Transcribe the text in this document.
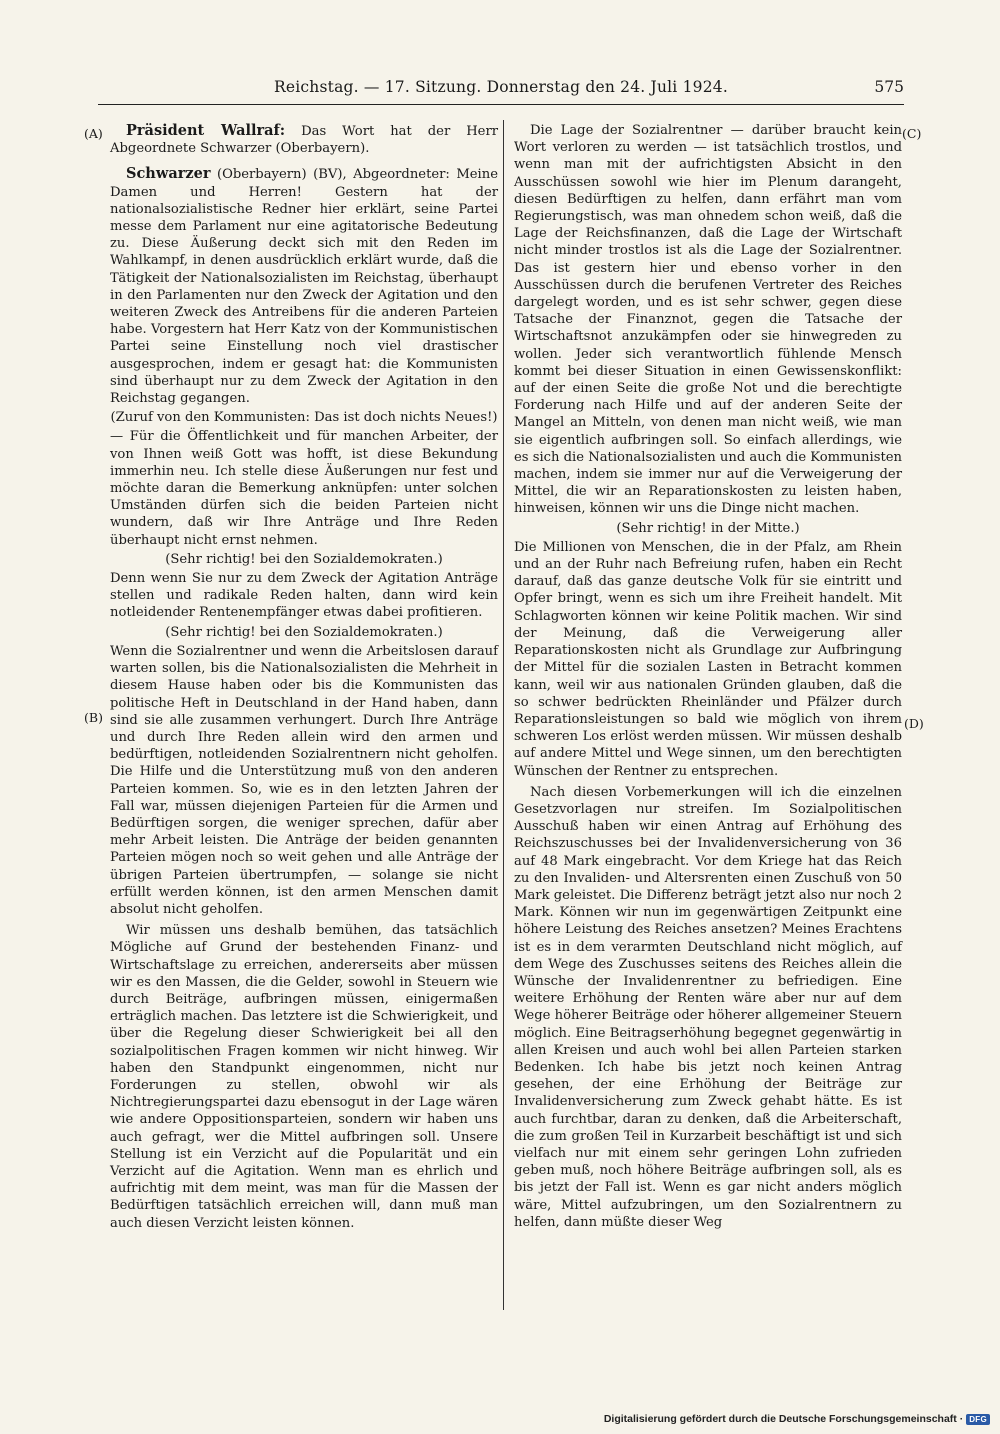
Reichstag. — 17. Sitzung. Donnerstag den 24. Juli 1924.	575
(A)
(B)
(C)
(D)

Präsident Wallraf: Das Wort hat der Herr Abgeordnete Schwarzer (Oberbayern).

Schwarzer (Oberbayern) (BV), Abgeordneter: Meine Damen und Herren! Gestern hat der nationalsozialistische Redner hier erklärt, seine Partei messe dem Parlament nur eine agitatorische Bedeutung zu. Diese Äußerung deckt sich mit den Reden im Wahlkampf, in denen ausdrücklich erklärt wurde, daß die Tätigkeit der Nationalsozialisten im Reichstag, überhaupt in den Parlamenten nur den Zweck der Agitation und den weiteren Zweck des Antreibens für die anderen Parteien habe. Vorgestern hat Herr Katz von der Kommunistischen Partei seine Einstellung noch viel drastischer ausgesprochen, indem er gesagt hat: die Kommunisten sind überhaupt nur zu dem Zweck der Agitation in den Reichstag gegangen.

(Zuruf von den Kommunisten: Das ist doch nichts Neues!)

— Für die Öffentlichkeit und für manchen Arbeiter, der von Ihnen weiß Gott was hofft, ist diese Bekundung immerhin neu. Ich stelle diese Äußerungen nur fest und möchte daran die Bemerkung anknüpfen: unter solchen Umständen dürfen sich die beiden Parteien nicht wundern, daß wir Ihre Anträge und Ihre Reden überhaupt nicht ernst nehmen.

(Sehr richtig! bei den Sozialdemokraten.)

Denn wenn Sie nur zu dem Zweck der Agitation Anträge stellen und radikale Reden halten, dann wird kein notleidender Rentenempfänger etwas dabei profitieren.

(Sehr richtig! bei den Sozialdemokraten.)

Wenn die Sozialrentner und wenn die Arbeitslosen darauf warten sollen, bis die Nationalsozialisten die Mehrheit in diesem Hause haben oder bis die Kommunisten das politische Heft in Deutschland in der Hand haben, dann sind sie alle zusammen verhungert. Durch Ihre Anträge und durch Ihre Reden allein wird den armen und bedürftigen, notleidenden Sozialrentnern nicht geholfen. Die Hilfe und die Unterstützung muß von den anderen Parteien kommen. So, wie es in den letzten Jahren der Fall war, müssen diejenigen Parteien für die Armen und Bedürftigen sorgen, die weniger sprechen, dafür aber mehr Arbeit leisten. Die Anträge der beiden genannten Parteien mögen noch so weit gehen und alle Anträge der übrigen Parteien übertrumpfen, — solange sie nicht erfüllt werden können, ist den armen Menschen damit absolut nicht geholfen.

Wir müssen uns deshalb bemühen, das tatsächlich Mögliche auf Grund der bestehenden Finanz- und Wirtschaftslage zu erreichen, andererseits aber müssen wir es den Massen, die die Gelder, sowohl in Steuern wie durch Beiträge, aufbringen müssen, einigermaßen erträglich machen. Das letztere ist die Schwierigkeit, und über die Regelung dieser Schwierigkeit bei all den sozialpolitischen Fragen kommen wir nicht hinweg. Wir haben den Standpunkt eingenommen, nicht nur Forderungen zu stellen, obwohl wir als Nichtregierungspartei dazu ebensogut in der Lage wären wie andere Oppositionsparteien, sondern wir haben uns auch gefragt, wer die Mittel aufbringen soll. Unsere Stellung ist ein Verzicht auf die Popularität und ein Verzicht auf die Agitation. Wenn man es ehrlich und aufrichtig mit dem meint, was man für die Massen der Bedürftigen tatsächlich erreichen will, dann muß man auch diesen Verzicht leisten können.

Die Lage der Sozialrentner — darüber braucht kein Wort verloren zu werden — ist tatsächlich trostlos, und wenn man mit der aufrichtigsten Absicht in den Ausschüssen sowohl wie hier im Plenum darangeht, diesen Bedürftigen zu helfen, dann erfährt man vom Regierungstisch, was man ohnedem schon weiß, daß die Lage der Reichsfinanzen, daß die Lage der Wirtschaft nicht minder trostlos ist als die Lage der Sozialrentner. Das ist gestern hier und ebenso vorher in den Ausschüssen durch die berufenen Vertreter des Reiches dargelegt worden, und es ist sehr schwer, gegen diese Tatsache der Finanznot, gegen die Tatsache der Wirtschaftsnot anzukämpfen oder sie hinwegreden zu wollen. Jeder sich verantwortlich fühlende Mensch kommt bei dieser Situation in einen Gewissenskonflikt: auf der einen Seite die große Not und die berechtigte Forderung nach Hilfe und auf der anderen Seite der Mangel an Mitteln, von denen man nicht weiß, wie man sie eigentlich aufbringen soll. So einfach allerdings, wie es sich die Nationalsozialisten und auch die Kommunisten machen, indem sie immer nur auf die Verweigerung der Mittel, die wir an Reparationskosten zu leisten haben, hinweisen, können wir uns die Dinge nicht machen.

(Sehr richtig! in der Mitte.)

Die Millionen von Menschen, die in der Pfalz, am Rhein und an der Ruhr nach Befreiung rufen, haben ein Recht darauf, daß das ganze deutsche Volk für sie eintritt und Opfer bringt, wenn es sich um ihre Freiheit handelt. Mit Schlagworten können wir keine Politik machen. Wir sind der Meinung, daß die Verweigerung aller Reparationskosten nicht als Grundlage zur Aufbringung der Mittel für die sozialen Lasten in Betracht kommen kann, weil wir aus nationalen Gründen glauben, daß die so schwer bedrückten Rheinländer und Pfälzer durch Reparationsleistungen so bald wie möglich von ihrem schweren Los erlöst werden müssen. Wir müssen deshalb auf andere Mittel und Wege sinnen, um den berechtigten Wünschen der Rentner zu entsprechen.

Nach diesen Vorbemerkungen will ich die einzelnen Gesetzvorlagen nur streifen. Im Sozialpolitischen Ausschuß haben wir einen Antrag auf Erhöhung des Reichszuschusses bei der Invalidenversicherung von 36 auf 48 Mark eingebracht. Vor dem Kriege hat das Reich zu den Invaliden- und Altersrenten einen Zuschuß von 50 Mark geleistet. Die Differenz beträgt jetzt also nur noch 2 Mark. Können wir nun im gegenwärtigen Zeitpunkt eine höhere Leistung des Reiches ansetzen? Meines Erachtens ist es in dem verarmten Deutschland nicht möglich, auf dem Wege des Zuschusses seitens des Reiches allein die Wünsche der Invalidenrentner zu befriedigen. Eine weitere Erhöhung der Renten wäre aber nur auf dem Wege höherer Beiträge oder höherer allgemeiner Steuern möglich. Eine Beitragserhöhung begegnet gegenwärtig in allen Kreisen und auch wohl bei allen Parteien starken Bedenken. Ich habe bis jetzt noch keinen Antrag gesehen, der eine Erhöhung der Beiträge zur Invalidenversicherung zum Zweck gehabt hätte. Es ist auch furchtbar, daran zu denken, daß die Arbeiterschaft, die zum großen Teil in Kurzarbeit beschäftigt ist und sich vielfach nur mit einem sehr geringen Lohn zufrieden geben muß, noch höhere Beiträge aufbringen soll, als es bis jetzt der Fall ist. Wenn es gar nicht anders möglich wäre, Mittel aufzubringen, um den Sozialrentnern zu helfen, dann müßte dieser Weg

Digitalisierung gefördert durch die Deutsche Forschungsgemeinschaft · DFG
